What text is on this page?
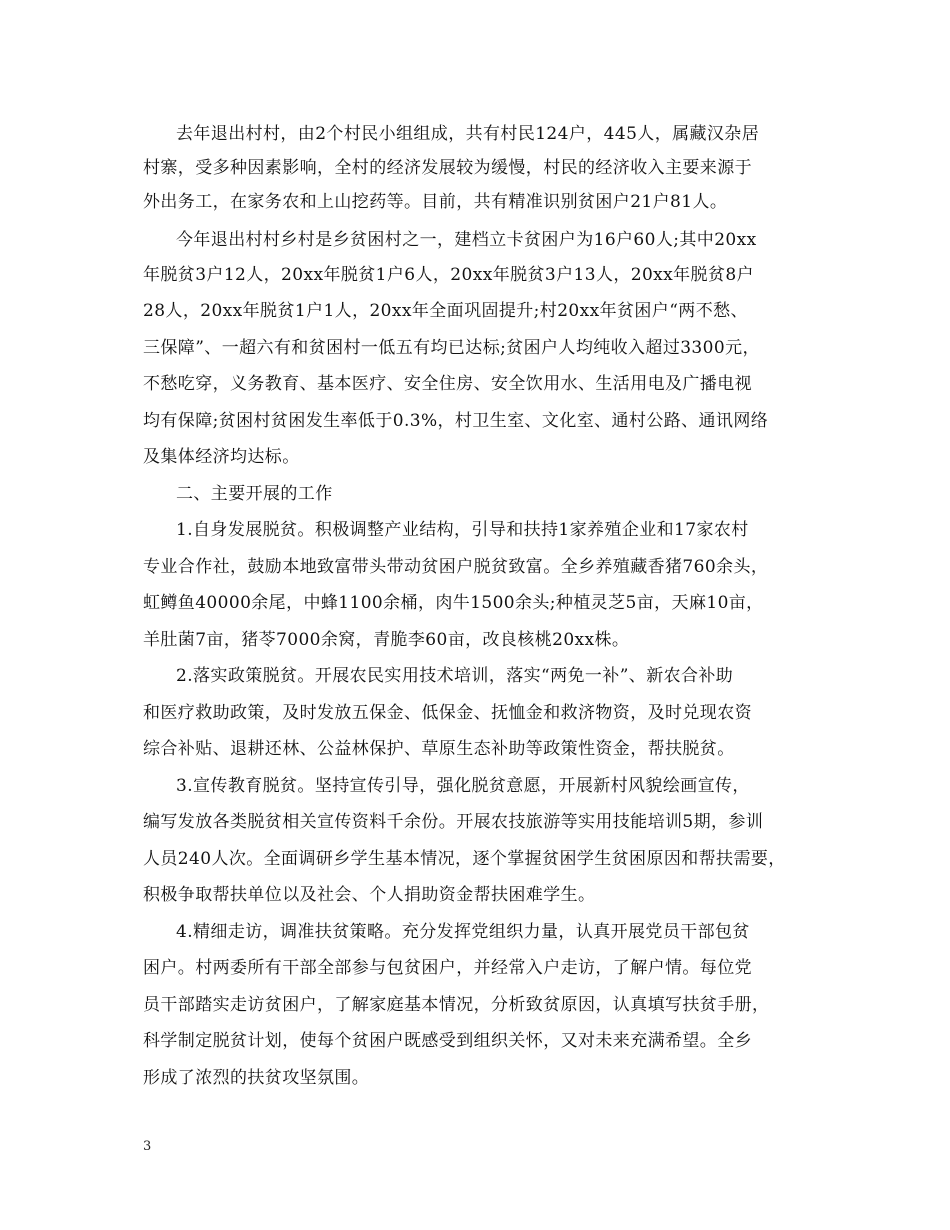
去年退出村村，由2个村民小组组成，共有村民124户，445人，属藏汉杂居
村寨，受多种因素影响，全村的经济发展较为缓慢，村民的经济收入主要来源于
外出务工，在家务农和上山挖药等。目前，共有精准识别贫困户21户81人。
今年退出村村乡村是乡贫困村之一，建档立卡贫困户为16户60人;其中20xx
年脱贫3户12人，20xx年脱贫1户6人，20xx年脱贫3户13人，20xx年脱贫8户
28人，20xx年脱贫1户1人，20xx年全面巩固提升;村20xx年贫困户“两不愁、
三保障”、一超六有和贫困村一低五有均已达标;贫困户人均纯收入超过3300元，
不愁吃穿，义务教育、基本医疗、安全住房、安全饮用水、生活用电及广播电视
均有保障;贫困村贫困发生率低于0.3%，村卫生室、文化室、通村公路、通讯网络
及集体经济均达标。
二、主要开展的工作
1.自身发展脱贫。积极调整产业结构，引导和扶持1家养殖企业和17家农村
专业合作社，鼓励本地致富带头带动贫困户脱贫致富。全乡养殖藏香猪760余头，
虹鳟鱼40000余尾，中蜂1100余桶，肉牛1500余头;种植灵芝5亩，天麻10亩，
羊肚菌7亩，猪苓7000余窝，青脆李60亩，改良核桃20xx株。
2.落实政策脱贫。开展农民实用技术培训，落实“两免一补”、新农合补助
和医疗救助政策，及时发放五保金、低保金、抚恤金和救济物资，及时兑现农资
综合补贴、退耕还林、公益林保护、草原生态补助等政策性资金，帮扶脱贫。
3.宣传教育脱贫。坚持宣传引导，强化脱贫意愿，开展新村风貌绘画宣传，
编写发放各类脱贫相关宣传资料千余份。开展农技旅游等实用技能培训5期，参训
人员240人次。全面调研乡学生基本情况，逐个掌握贫困学生贫困原因和帮扶需要，
积极争取帮扶单位以及社会、个人捐助资金帮扶困难学生。
4.精细走访，调准扶贫策略。充分发挥党组织力量，认真开展党员干部包贫
困户。村两委所有干部全部参与包贫困户，并经常入户走访，了解户情。每位党
员干部踏实走访贫困户，了解家庭基本情况，分析致贫原因，认真填写扶贫手册，
科学制定脱贫计划，使每个贫困户既感受到组织关怀，又对未来充满希望。全乡
形成了浓烈的扶贫攻坚氛围。
3
